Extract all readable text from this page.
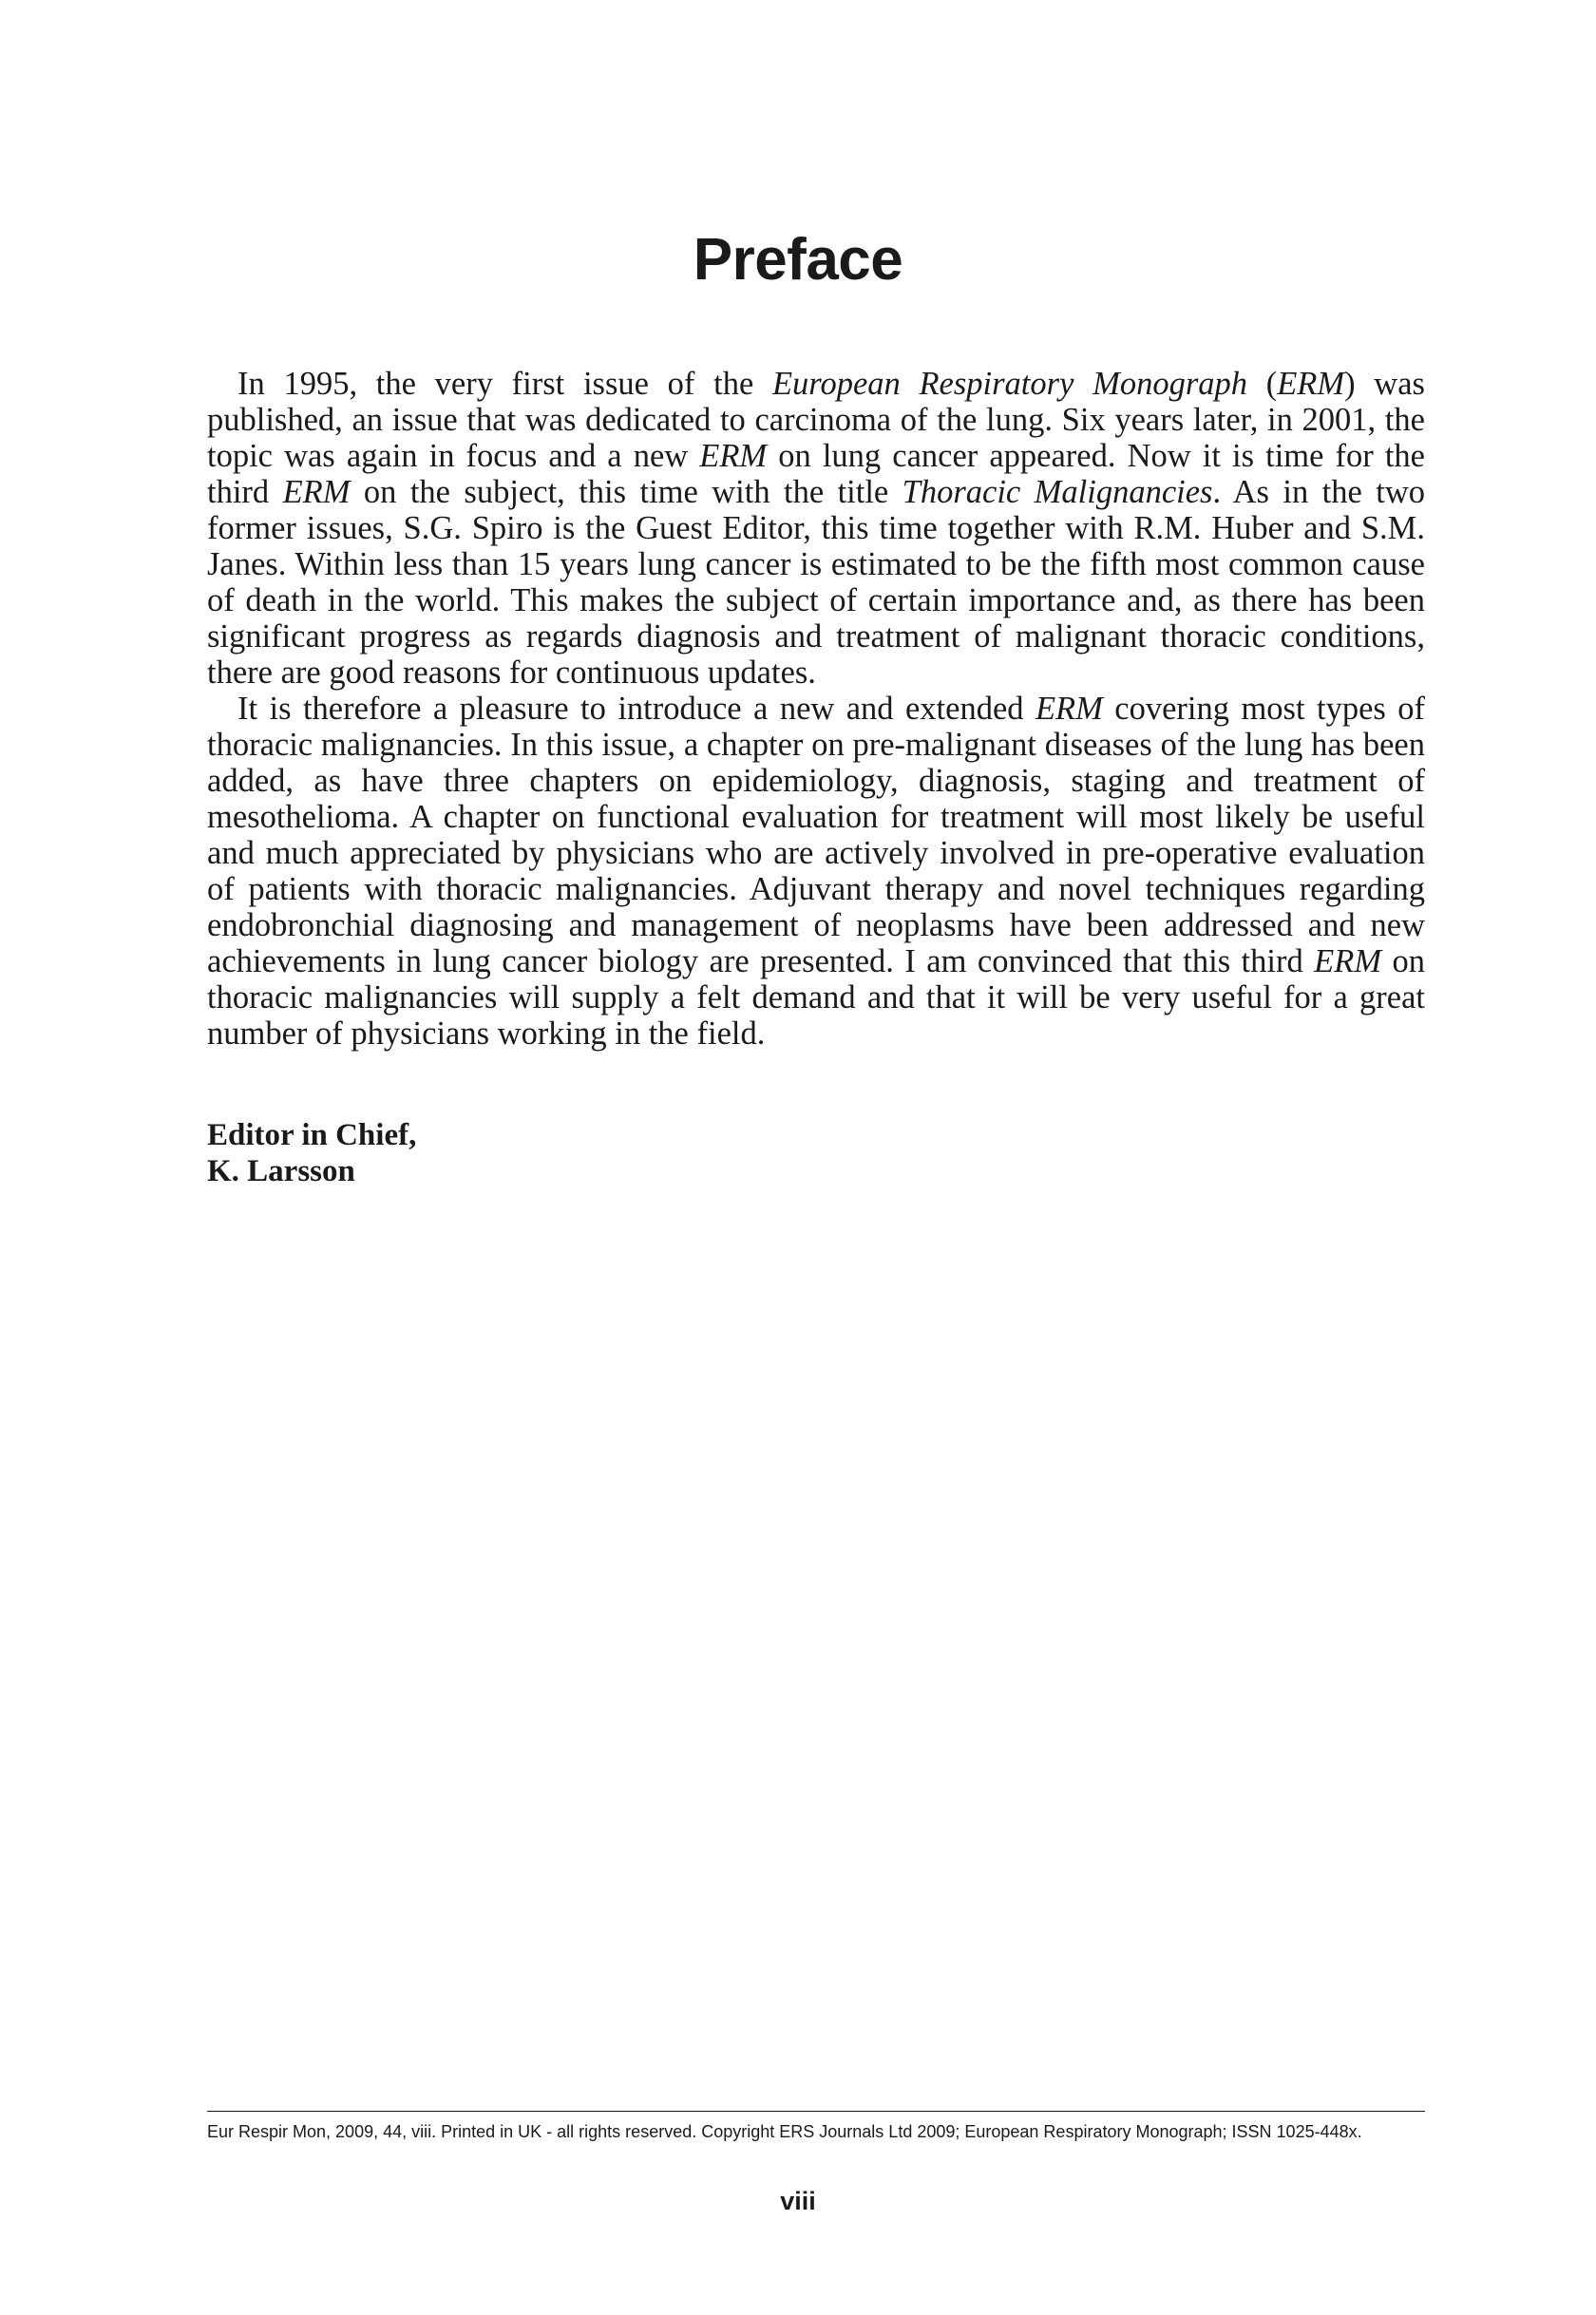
Preface

In 1995, the very first issue of the European Respiratory Monograph (ERM) was published, an issue that was dedicated to carcinoma of the lung. Six years later, in 2001, the topic was again in focus and a new ERM on lung cancer appeared. Now it is time for the third ERM on the subject, this time with the title Thoracic Malignancies. As in the two former issues, S.G. Spiro is the Guest Editor, this time together with R.M. Huber and S.M. Janes. Within less than 15 years lung cancer is estimated to be the fifth most common cause of death in the world. This makes the subject of certain importance and, as there has been significant progress as regards diagnosis and treatment of malignant thoracic conditions, there are good reasons for continuous updates.

It is therefore a pleasure to introduce a new and extended ERM covering most types of thoracic malignancies. In this issue, a chapter on pre-malignant diseases of the lung has been added, as have three chapters on epidemiology, diagnosis, staging and treatment of mesothelioma. A chapter on functional evaluation for treatment will most likely be useful and much appreciated by physicians who are actively involved in pre-operative evaluation of patients with thoracic malignancies. Adjuvant therapy and novel techniques regarding endobronchial diagnosing and management of neoplasms have been addressed and new achievements in lung cancer biology are presented. I am convinced that this third ERM on thoracic malignancies will supply a felt demand and that it will be very useful for a great number of physicians working in the field.

Editor in Chief,
K. Larsson
Eur Respir Mon, 2009, 44, viii. Printed in UK - all rights reserved. Copyright ERS Journals Ltd 2009; European Respiratory Monograph; ISSN 1025-448x.
viii
